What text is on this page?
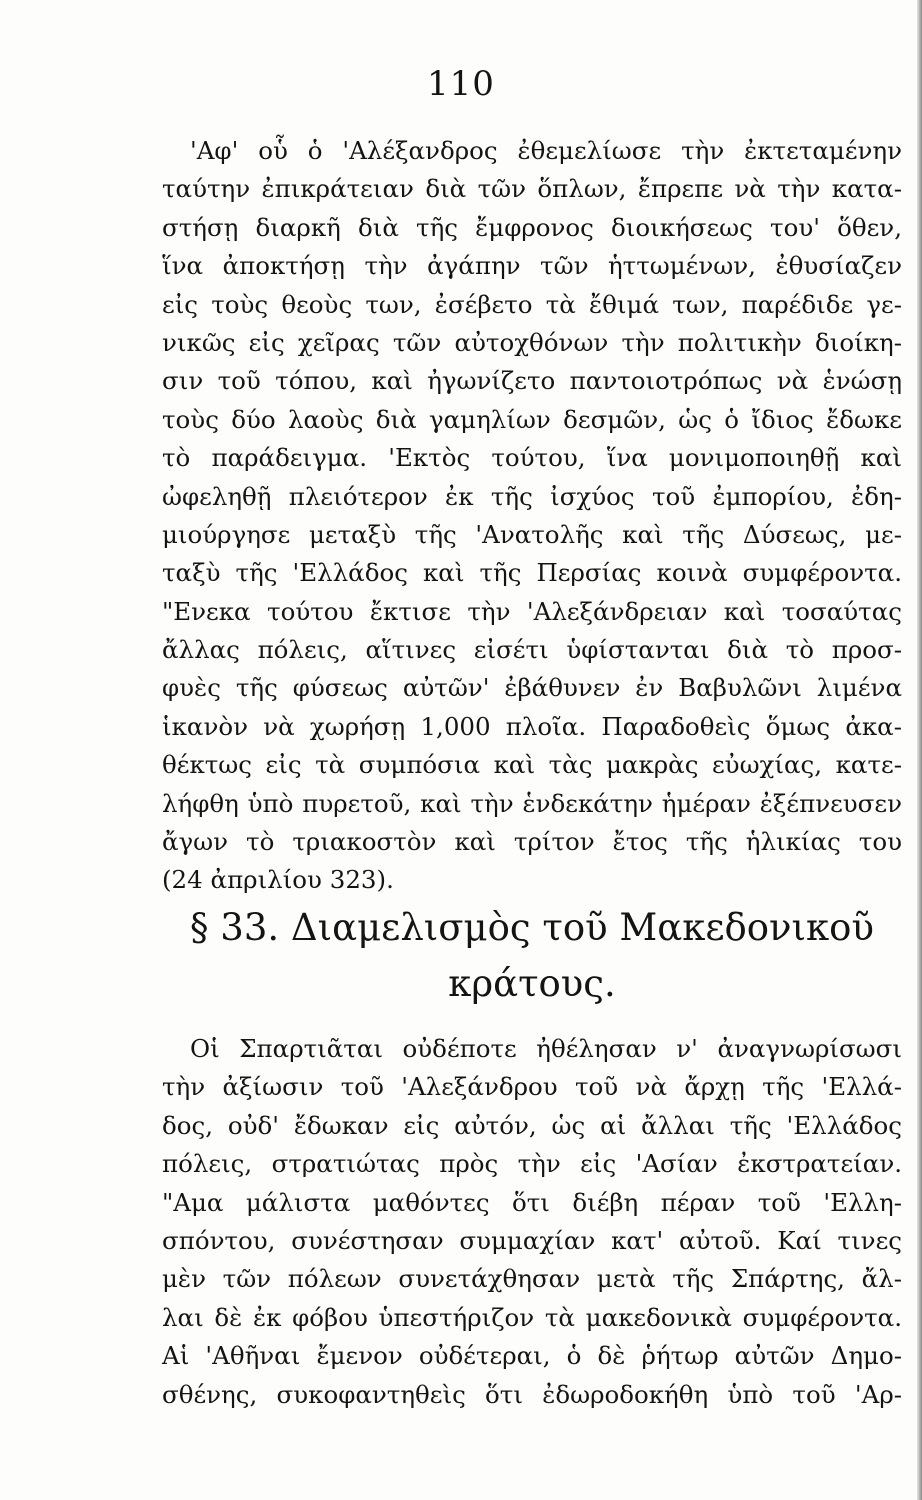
110
'Αφ' οὗ ὁ 'Αλέξανδρος ἐθεμελίωσε τὴν ἐκτεταμένην
ταύτην ἐπικράτειαν διὰ τῶν ὅπλων, ἔπρεπε νὰ τὴν κατα-
στήσῃ διαρκῆ διὰ τῆς ἔμφρονος διοικήσεως του' ὅθεν,
ἵνα ἀποκτήσῃ τὴν ἀγάπην τῶν ἡττωμένων, ἐθυσίαζεν
εἰς τοὺς θεοὺς των, ἐσέβετο τὰ ἔθιμά των, παρέδιδε γε-
νικῶς εἰς χεῖρας τῶν αὐτοχθόνων τὴν πολιτικὴν διοίκη-
σιν τοῦ τόπου, καὶ ἠγωνίζετο παντοιοτρόπως νὰ ἑνώσῃ
τοὺς δύο λαοὺς διὰ γαμηλίων δεσμῶν, ὡς ὁ ἴδιος ἔδωκε
τὸ παράδειγμα. 'Εκτὸς τούτου, ἵνα μονιμοποιηθῇ καὶ
ὠφεληθῇ πλειότερον ἐκ τῆς ἰσχύος τοῦ ἐμπορίου, ἐδη-
μιούργησε μεταξὺ τῆς 'Ανατολῆς καὶ τῆς Δύσεως, με-
ταξὺ τῆς 'Ελλάδος καὶ τῆς Περσίας κοινὰ συμφέροντα.
"Ενεκα τούτου ἔκτισε τὴν 'Αλεξάνδρειαν καὶ τοσαύτας
ἄλλας πόλεις, αἵτινες εἰσέτι ὑφίστανται διὰ τὸ προσ-
φυὲς τῆς φύσεως αὐτῶν' ἐβάθυνεν ἐν Βαβυλῶνι λιμένα
ἱκανὸν νὰ χωρήσῃ 1,000 πλοῖα. Παραδοθεὶς ὅμως ἀκα-
θέκτως εἰς τὰ συμπόσια καὶ τὰς μακρὰς εὐωχίας, κατε-
λήφθη ὑπὸ πυρετοῦ, καὶ τὴν ἑνδεκάτην ἡμέραν ἐξέπνευσεν
ἄγων τὸ τριακοστὸν καὶ τρίτον ἔτος τῆς ἡλικίας του
(24 ἀπριλίου 323).
§ 33. Διαμελισμὸς τοῦ Μακεδονικοῦ
κράτους.
Οἱ Σπαρτιᾶται οὐδέποτε ἠθέλησαν ν' ἀναγνωρίσωσι
τὴν ἀξίωσιν τοῦ 'Αλεξάνδρου τοῦ νὰ ἄρχῃ τῆς 'Ελλά-
δος, οὐδ' ἔδωκαν εἰς αὐτόν, ὡς αἱ ἄλλαι τῆς 'Ελλάδος
πόλεις, στρατιώτας πρὸς τὴν εἰς 'Ασίαν ἐκστρατείαν.
"Αμα μάλιστα μαθόντες ὅτι διέβη πέραν τοῦ 'Ελλη-
σπόντου, συνέστησαν συμμαχίαν κατ' αὐτοῦ. Καί τινες
μὲν τῶν πόλεων συνετάχθησαν μετὰ τῆς Σπάρτης, ἄλ-
λαι δὲ ἐκ φόβου ὑπεστήριζον τὰ μακεδονικὰ συμφέροντα.
Αἱ 'Αθῆναι ἔμενον οὐδέτεραι, ὁ δὲ ῥήτωρ αὐτῶν Δημο-
σθένης, συκοφαντηθεὶς ὅτι ἐδωροδοκήθη ὑπὸ τοῦ 'Αρ-
